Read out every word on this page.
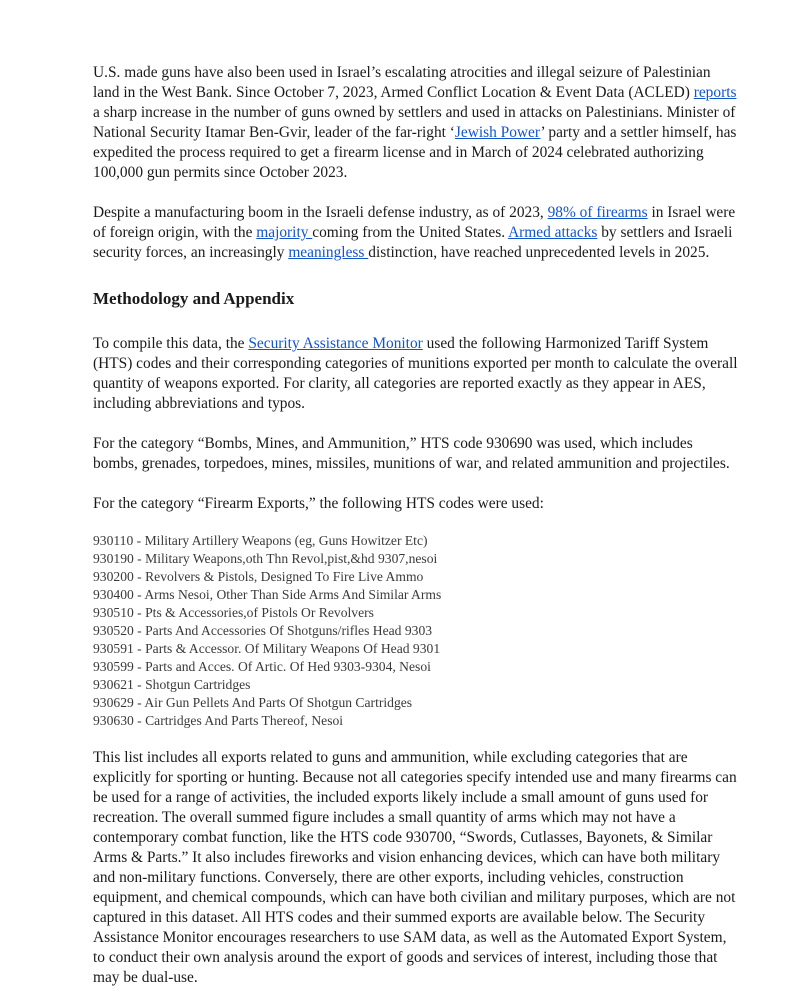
U.S. made guns have also been used in Israel’s escalating atrocities and illegal seizure of Palestinian land in the West Bank. Since October 7, 2023, Armed Conflict Location & Event Data (ACLED) reports a sharp increase in the number of guns owned by settlers and used in attacks on Palestinians. Minister of National Security Itamar Ben-Gvir, leader of the far-right ‘Jewish Power’ party and a settler himself, has expedited the process required to get a firearm license and in March of 2024 celebrated authorizing 100,000 gun permits since October 2023.

Despite a manufacturing boom in the Israeli defense industry, as of 2023, 98% of firearms in Israel were of foreign origin, with the majority coming from the United States. Armed attacks by settlers and Israeli security forces, an increasingly meaningless distinction, have reached unprecedented levels in 2025.

Methodology and Appendix

To compile this data, the Security Assistance Monitor used the following Harmonized Tariff System (HTS) codes and their corresponding categories of munitions exported per month to calculate the overall quantity of weapons exported. For clarity, all categories are reported exactly as they appear in AES, including abbreviations and typos.

For the category “Bombs, Mines, and Ammunition,” HTS code 930690 was used, which includes bombs, grenades, torpedoes, mines, missiles, munitions of war, and related ammunition and projectiles.

For the category “Firearm Exports,” the following HTS codes were used:

930110 - Military Artillery Weapons (eg, Guns Howitzer Etc)
930190 - Military Weapons,oth Thn Revol,pist,&hd 9307,nesoi
930200 - Revolvers & Pistols, Designed To Fire Live Ammo
930400 - Arms Nesoi, Other Than Side Arms And Similar Arms
930510 - Pts & Accessories,of Pistols Or Revolvers
930520 - Parts And Accessories Of Shotguns/rifles Head 9303
930591 - Parts & Accessor. Of Military Weapons Of Head 9301
930599 - Parts and Acces. Of Artic. Of Hed 9303-9304, Nesoi
930621 - Shotgun Cartridges
930629 - Air Gun Pellets And Parts Of Shotgun Cartridges
930630 - Cartridges And Parts Thereof, Nesoi

This list includes all exports related to guns and ammunition, while excluding categories that are explicitly for sporting or hunting. Because not all categories specify intended use and many firearms can be used for a range of activities, the included exports likely include a small amount of guns used for recreation. The overall summed figure includes a small quantity of arms which may not have a contemporary combat function, like the HTS code 930700, “Swords, Cutlasses, Bayonets, & Similar Arms & Parts.” It also includes fireworks and vision enhancing devices, which can have both military and non-military functions. Conversely, there are other exports, including vehicles, construction equipment, and chemical compounds, which can have both civilian and military purposes, which are not captured in this dataset. All HTS codes and their summed exports are available below. The Security Assistance Monitor encourages researchers to use SAM data, as well as the Automated Export System, to conduct their own analysis around the export of goods and services of interest, including those that may be dual-use.
